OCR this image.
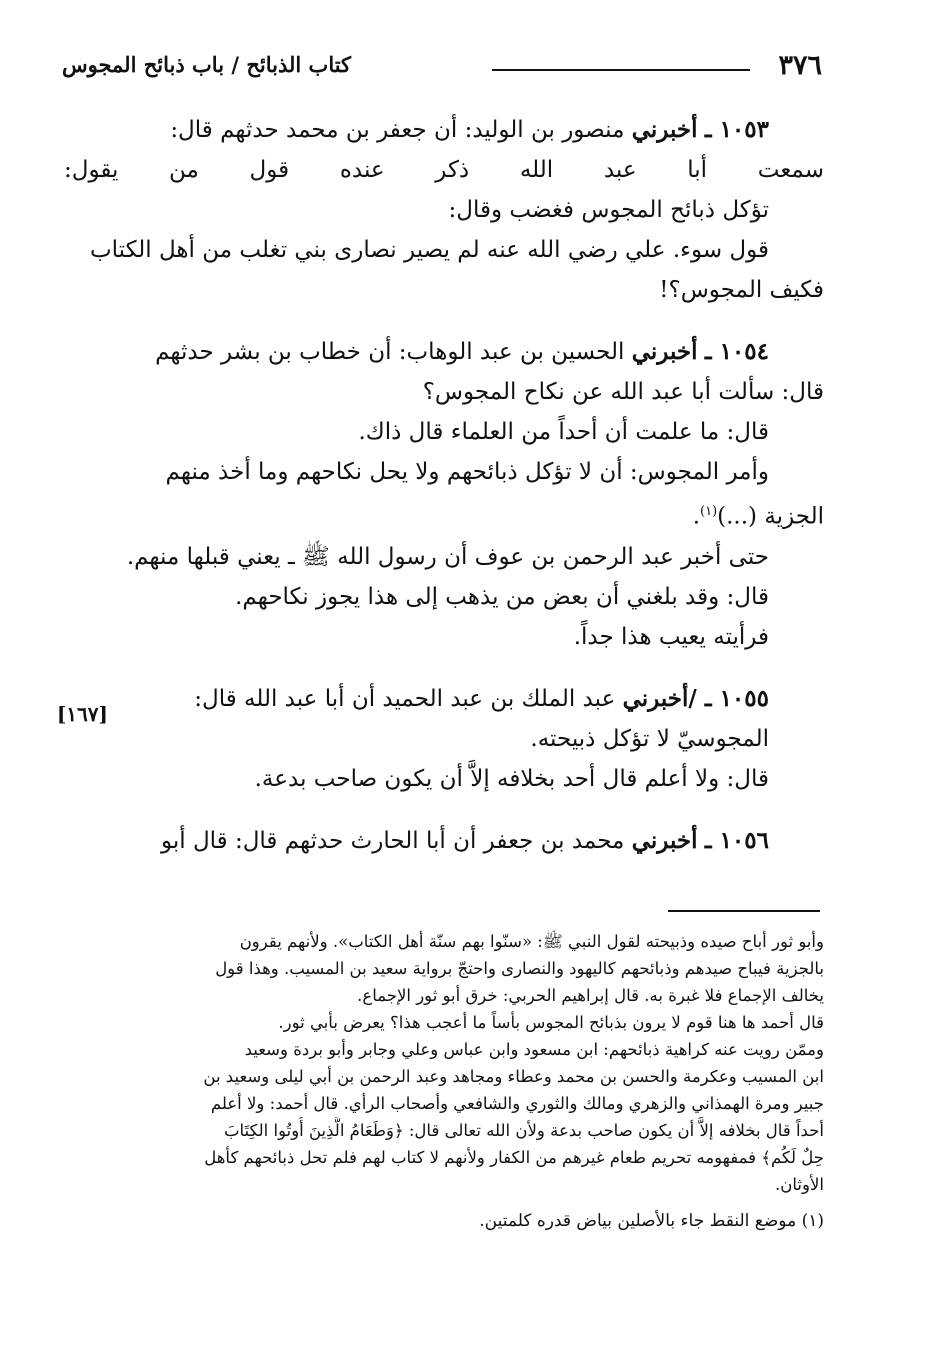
٣٧٦
كتاب الذبائح / باب ذبائح المجوس
[١٦٧]

١٠٥٣ ـ أخبرني منصور بن الوليد: أن جعفر بن محمد حدثهم قال:

سمعت أبا عبد الله ذكر عنده قول من يقول:

تؤكل ذبائح المجوس فغضب وقال:

قول سوء. علي رضي الله عنه لم يصير نصارى بني تغلب من أهل الكتاب

فكيف المجوس؟!

١٠٥٤ ـ أخبرني الحسين بن عبد الوهاب: أن خطاب بن بشر حدثهم

قال: سألت أبا عبد الله عن نكاح المجوس؟

قال: ما علمت أن أحداً من العلماء قال ذاك.

وأمر المجوس: أن لا تؤكل ذبائحهم ولا يحل نكاحهم وما أخذ منهم

الجزية (...)$^{(١)}$.

حتى أخبر عبد الرحمن بن عوف أن رسول الله ﷺ ـ يعني قبلها منهم.

قال: وقد بلغني أن بعض من يذهب إلى هذا يجوز نكاحهم.

فرأيته يعيب هذا جداً.

١٠٥٥ ـ /أخبرني عبد الملك بن عبد الحميد أن أبا عبد الله قال:

المجوسيّ لا تؤكل ذبيحته.

قال: ولا أعلم قال أحد بخلافه إلاَّ أن يكون صاحب بدعة.

١٠٥٦ ـ أخبرني محمد بن جعفر أن أبا الحارث حدثهم قال: قال أبو

وأبو ثور أباح صيده وذبيحته لقول النبي ﷺ: «سنّوا بهم سنّة أهل الكتاب». ولأنهم يقرون

بالجزية فيباح صيدهم وذبائحهم كاليهود والنصارى واحتجّ برواية سعيد بن المسيب. وهذا قول

يخالف الإجماع فلا غبرة به. قال إبراهيم الحربي: خرق أبو ثور الإجماع.

قال أحمد ها هنا قوم لا يرون بذبائح المجوس بأساً ما أعجب هذا؟ يعرض بأبي ثور.

وممّن رويت عنه كراهية ذبائحهم: ابن مسعود وابن عباس وعلي وجابر وأبو بردة وسعيد

ابن المسيب وعكرمة والحسن بن محمد وعطاء ومجاهد وعبد الرحمن بن أبي ليلى وسعيد بن

جبير ومرة الهمذاني والزهري ومالك والثوري والشافعي وأصحاب الرأي. قال أحمد: ولا أعلم

أحداً قال بخلافه إلاَّ أن يكون صاحب بدعة ولأن الله تعالى قال: ﴿وَطَعَامُ الَّذِينَ أُوتُوا الكِتَابَ

حِلٌ لَكُم﴾ فمفهومه تحريم طعام غيرهم من الكفار ولأنهم لا كتاب لهم فلم تحل ذبائحهم كأهل

الأوثان.

(١) موضع النقط جاء بالأصلين بياض قدره كلمتين.
